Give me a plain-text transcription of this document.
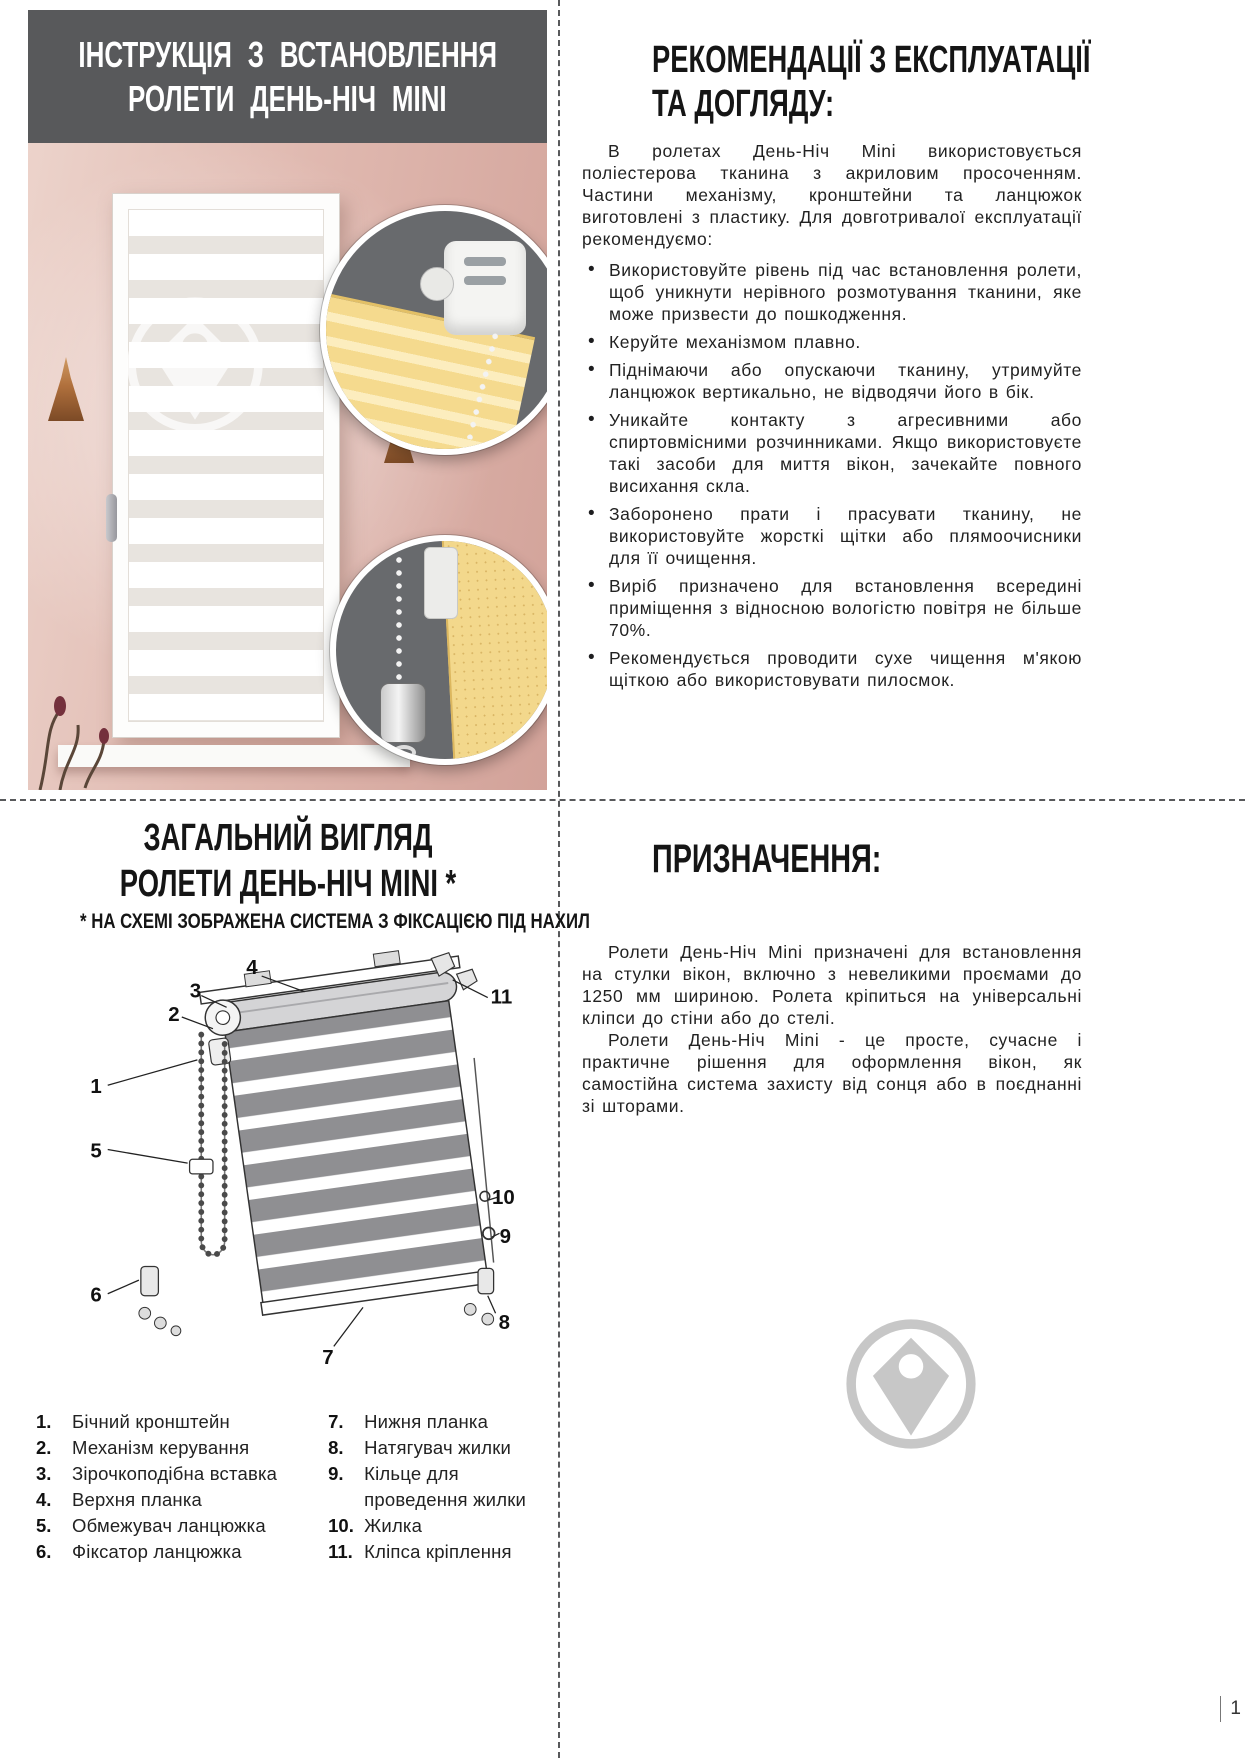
ІНСТРУКЦІЯ З ВСТАНОВЛЕННЯ
РОЛЕТИ ДЕНЬ-НІЧ MINI
РЕКОМЕНДАЦІЇ З ЕКСПЛУАТАЦІЇ
ТА ДОГЛЯДУ:

В ролетах День-Ніч Mini використовується поліестерова тканина з акриловим просоченням. Частини механізму, кронштейни та ланцюжок виготовлені з пластику. Для довготривалої експлуатації рекомендуємо:

• Використовуйте рівень під час встановлення ролети, щоб уникнути нерівного розмотування тканини, яке може призвести до пошкодження.
• Керуйте механізмом плавно.
• Піднімаючи або опускаючи тканину, утримуйте ланцюжок вертикально, не відводячи його в бік.
• Уникайте контакту з агресивними або спиртовмісними розчинниками. Якщо використовуєте такі засоби для миття вікон, зачекайте повного висихання скла.
• Заборонено прати і прасувати тканину, не використовуйте жорсткі щітки або плямоочисники для її очищення.
• Виріб призначено для встановлення всередині приміщення з відносною вологістю повітря не більше 70%.
• Рекомендується проводити сухе чищення м'якою щіткою або використовувати пилосмок.
ЗАГАЛЬНИЙ ВИГЛЯД
РОЛЕТИ ДЕНЬ-НІЧ MINI *
* НА СХЕМІ ЗОБРАЖЕНА СИСТЕМА З ФІКСАЦІЄЮ ПІД НАХИЛ
4
11
3
2
1
5
6
7
8
9
10
1.	Бічний кронштейн
2.	Механізм керування
3.	Зірочкоподібна вставка
4.	Верхня планка
5.	Обмежувач ланцюжка
6.	Фіксатор ланцюжка
7.	Нижня планка
8.	Натягувач жилки
9.	Кільце для проведення жилки
10. Жилка
11. Кліпса кріплення
ПРИЗНАЧЕННЯ:

Ролети День-Ніч Mini призначені для встановлення на стулки вікон, включно з невеликими проємами до 1250 мм шириною. Ролета кріпиться на універсальні кліпси до стіни або до стелі.

Ролети День-Ніч Mini - це просте, сучасне і практичне рішення для оформлення вікон, як самостійна система захисту від сонця або в поєднанні зі шторами.

1
